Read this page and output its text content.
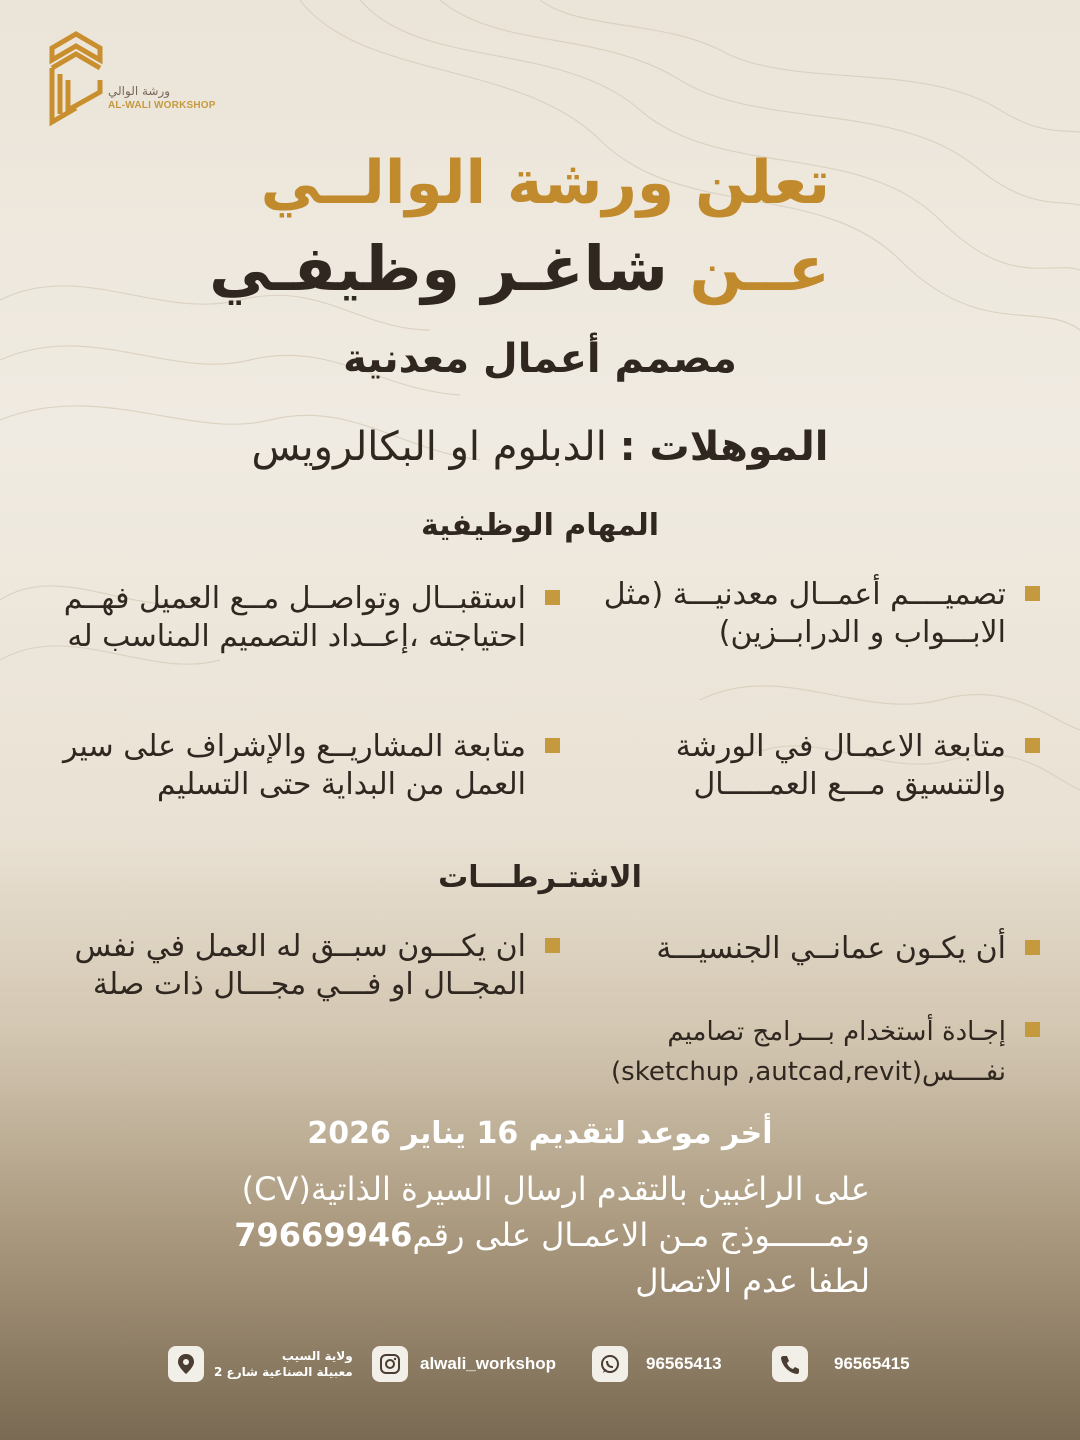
ورشة الوالي
AL-WALI WORKSHOP
تعلن ورشة الوالــي
عــن شاغـر وظيفـي
مصمم أعمال معدنية
الموهلات : الدبلوم او البكالرويس
المهام الوظيفية
تصميــــم أعمــال معدنيـــة (مثل الابـــواب و الدرابــزين)
استقبــال وتواصــل مــع العميل فهــم احتياجته ،إعــداد التصميم المناسب له
متابعة الاعمـال في الورشة والتنسيق مـــع العمـــــال
متابعة المشاريــع والإشراف على سير العمل من البداية حتى التسليم
الاشتـرطـــات
أن يكـون عمانــي الجنسيـــة
ان يكـــون سبــق له العمل في نفس المجــال او فـــي مجـــال ذات صلة
إجـادة أستخدام بـــرامج تصاميم نفــــس(sketchup ,autcad,revit)
أخر موعد لتقديم 16 يناير 2026
على الراغبين بالتقدم ارسال السيرة الذاتية(CV)
ونمــــــوذج مـن الاعمـال على رقم79669946
لطفا عدم الاتصال
ولاية السيب
معبيلة الصناعية شارع 2	alwali_workshop	96565413	96565415
